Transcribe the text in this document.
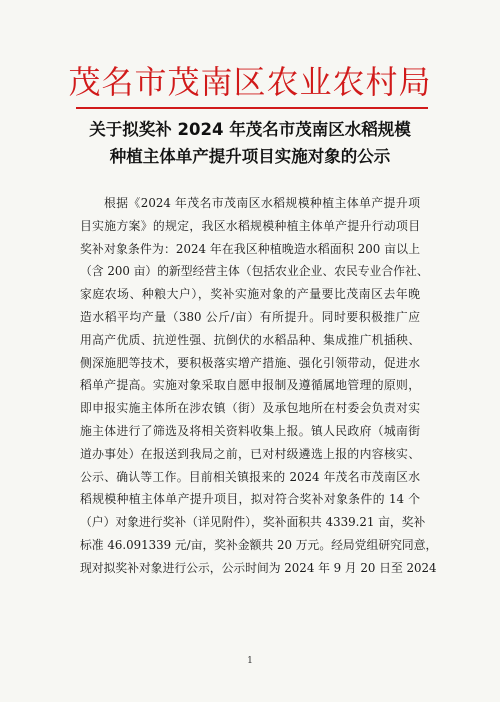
茂名市茂南区农业农村局
关于拟奖补 2024 年茂名市茂南区水稻规模
种植主体单产提升项目实施对象的公示
根据《2024 年茂名市茂南区水稻规模种植主体单产提升项
目实施方案》的规定，我区水稻规模种植主体单产提升行动项目
奖补对象条件为：2024 年在我区种植晚造水稻面积 200 亩以上
（含 200 亩）的新型经营主体（包括农业企业、农民专业合作社、
家庭农场、种粮大户），奖补实施对象的产量要比茂南区去年晚
造水稻平均产量（380 公斤/亩）有所提升。同时要积极推广应
用高产优质、抗逆性强、抗倒伏的水稻品种、集成推广机插秧、
侧深施肥等技术，要积极落实增产措施、强化引领带动，促进水
稻单产提高。实施对象采取自愿申报制及遵循属地管理的原则，
即申报实施主体所在涉农镇（街）及承包地所在村委会负责对实
施主体进行了筛选及将相关资料收集上报。镇人民政府（城南街
道办事处）在报送到我局之前，已对村级遴选上报的内容核实、
公示、确认等工作。目前相关镇报来的 2024 年茂名市茂南区水
稻规模种植主体单产提升项目，拟对符合奖补对象条件的 14 个
（户）对象进行奖补（详见附件），奖补面积共 4339.21 亩，奖补
标准 46.091339 元/亩，奖补金额共 20 万元。经局党组研究同意，
现对拟奖补对象进行公示，公示时间为 2024 年 9 月 20 日至 2024
1
